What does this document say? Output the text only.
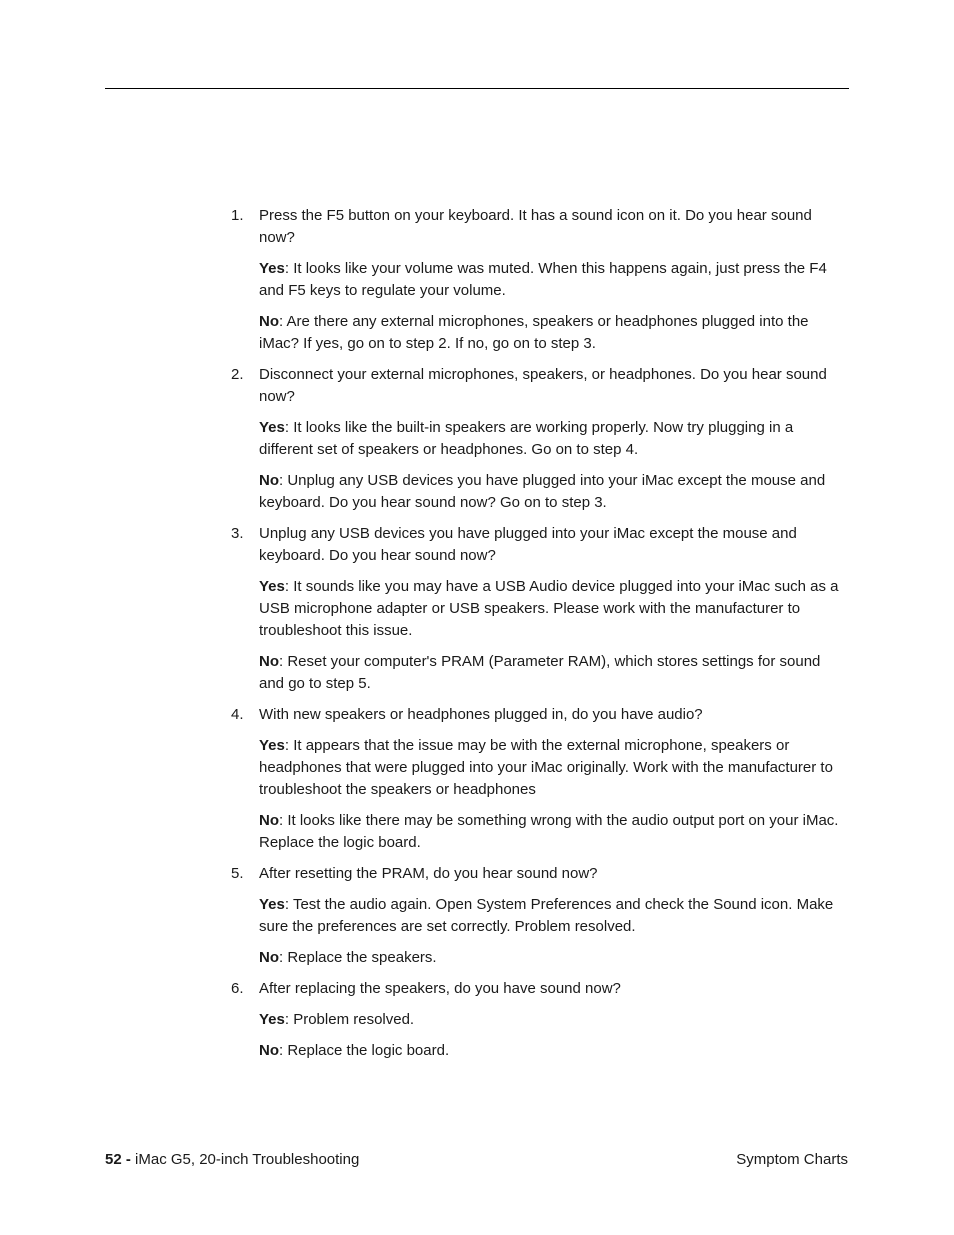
1. Press the F5 button on your keyboard. It has a sound icon on it. Do you hear sound now?

Yes: It looks like your volume was muted. When this happens again, just press the F4 and F5 keys to regulate your volume.

No: Are there any external microphones, speakers or headphones plugged into the iMac? If yes, go on to step 2. If no, go on to step 3.

2. Disconnect your external microphones, speakers, or headphones. Do you hear sound now?

Yes: It looks like the built-in speakers are working properly. Now try plugging in a different set of speakers or headphones. Go on to step 4.

No: Unplug any USB devices you have plugged into your iMac except the mouse and keyboard. Do you hear sound now? Go on to step 3.

3. Unplug any USB devices you have plugged into your iMac except the mouse and keyboard. Do you hear sound now?

Yes: It sounds like you may have a USB Audio device plugged into your iMac such as a USB microphone adapter or USB speakers. Please work with the manufacturer to troubleshoot this issue.

No: Reset your computer's PRAM (Parameter RAM), which stores settings for sound and go to step 5.

4. With new speakers or headphones plugged in, do you have audio?

Yes: It appears that the issue may be with the external microphone, speakers or headphones that were plugged into your iMac originally. Work with the manufacturer to troubleshoot the speakers or headphones

No: It looks like there may be something wrong with the audio output port on your iMac. Replace the logic board.

5. After resetting the PRAM, do you hear sound now?

Yes: Test the audio again. Open System Preferences and check the Sound icon. Make sure the preferences are set correctly. Problem resolved.

No: Replace the speakers.

6. After replacing the speakers, do you have sound now?

Yes: Problem resolved.

No: Replace the logic board.

52 - iMac G5, 20-inch Troubleshooting	Symptom Charts
